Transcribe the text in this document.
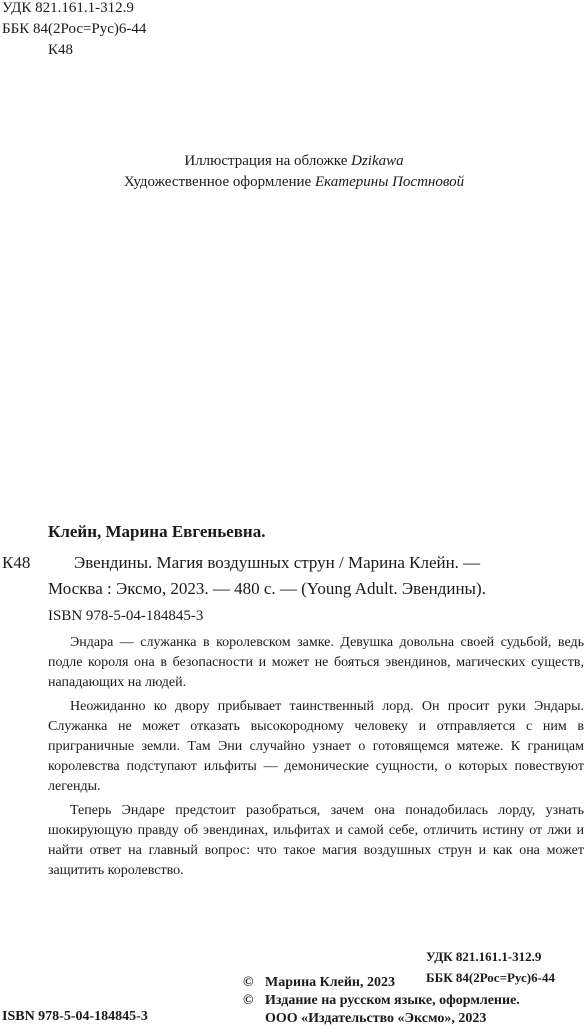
УДК 821.161.1-312.9
ББК 84(2Рос=Рус)6-44
К48
Иллюстрация на обложке Dzikawa
Художественное оформление Екатерины Постновой
Клейн, Марина Евгеньевна.
К48	Эвендины. Магия воздушных струн / Марина Клейн. —
Москва : Эксмо, 2023. — 480 с. — (Young Adult. Эвендины).
ISBN 978-5-04-184845-3

Эндара — служанка в королевском замке. Девушка довольна своей судьбой, ведь подле короля она в безопасности и может не бояться эвендинов, магических существ, нападающих на людей.

Неожиданно ко двору прибывает таинственный лорд. Он просит руки Эндары. Служанка не может отказать высокородному человеку и отправляется с ним в приграничные земли. Там Эни случайно узнает о готовящемся мятеже. К границам королевства подступают ильфиты — демонические сущности, о которых повествуют легенды.

Теперь Эндаре предстоит разобраться, зачем она понадобилась лорду, узнать шокирующую правду об эвендинах, ильфитах и самой себе, отличить истину от лжи и найти ответ на главный вопрос: что такое магия воздушных струн и как она может защитить королевство.

УДК 821.161.1-312.9
ББК 84(2Рос=Рус)6-44
© Марина Клейн, 2023
© Издание на русском языке, оформление.
ООО «Издательство «Эксмо», 2023
ISBN 978-5-04-184845-3
